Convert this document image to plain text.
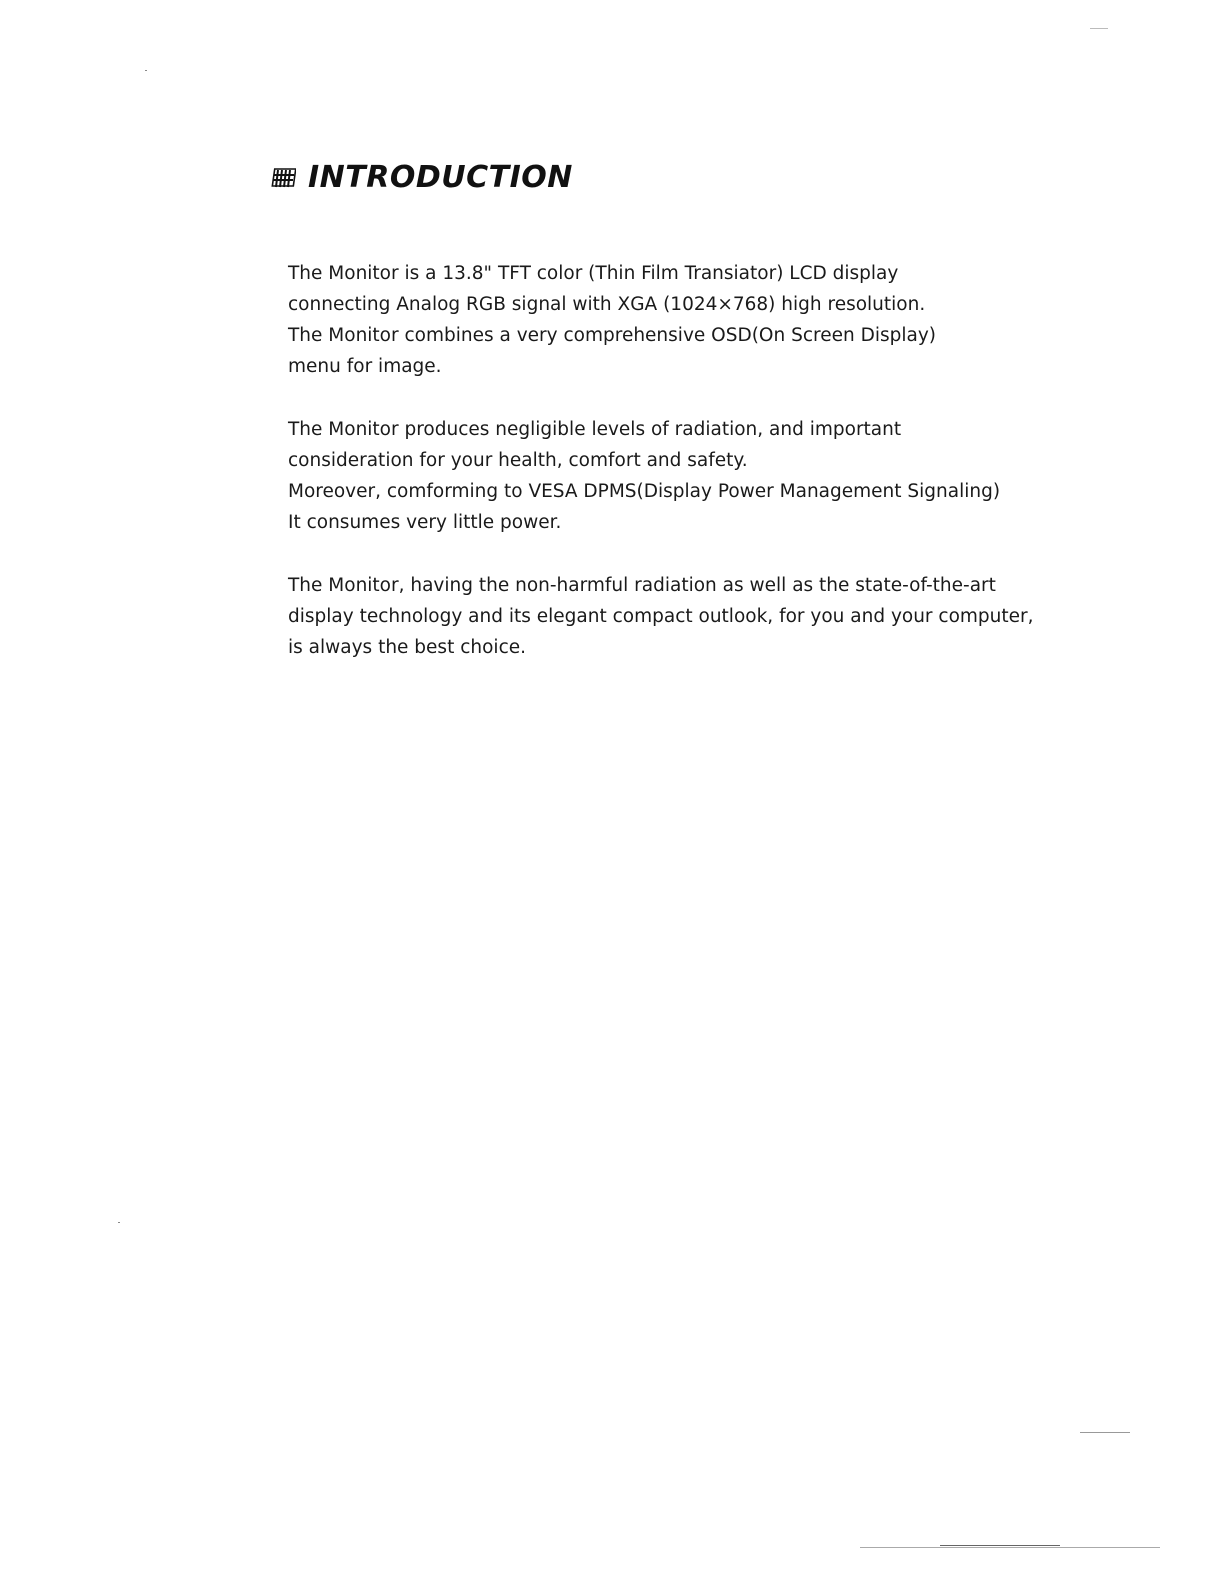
INTRODUCTION

The Monitor is a 13.8" TFT color (Thin Film Transiator) LCD display
connecting Analog RGB signal with XGA (1024×768) high resolution.
The Monitor combines a very comprehensive OSD(On Screen Display)
menu for image.

The Monitor produces negligible levels of radiation, and important
consideration for your health, comfort and safety.
Moreover, comforming to VESA DPMS(Display Power Management Signaling)
It consumes very little power.

The Monitor, having the non-harmful radiation as well as the state-of-the-art
display technology and its elegant compact outlook, for you and your computer,
is always the best choice.
